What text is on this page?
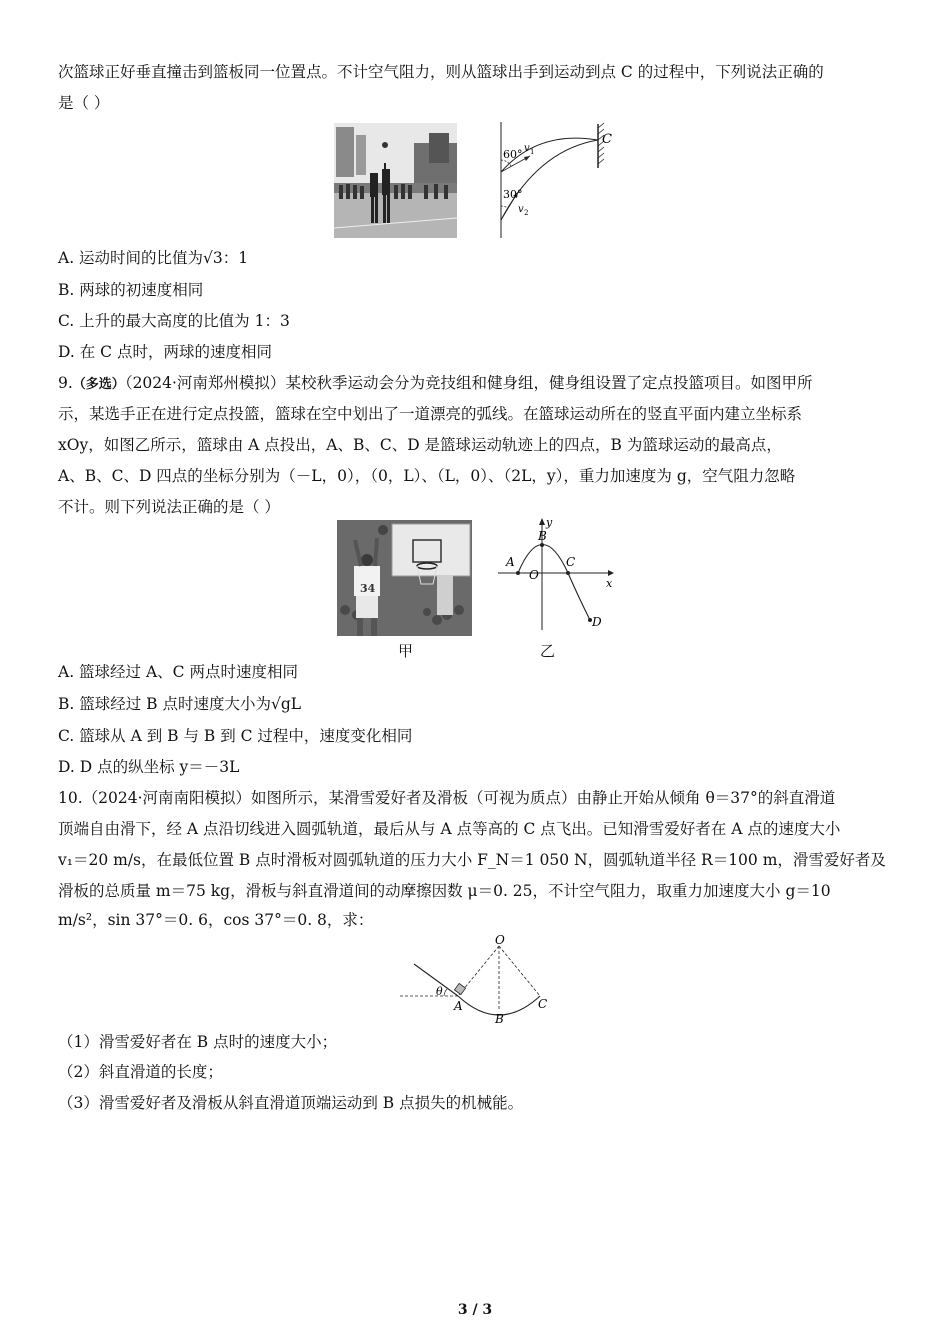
次篮球正好垂直撞击到篮板同一位置点。不计空气阻力，则从篮球出手到运动到点 C 的过程中，下列说法正确的
是（ ）
C
60° v 1
30°
v 2
A. 运动时间的比值为√3：1
B. 两球的初速度相同
C. 上升的最大高度的比值为 1：3
D. 在 C 点时，两球的速度相同
9.（多选）（2024·河南郑州模拟）某校秋季运动会分为竞技组和健身组，健身组设置了定点投篮项目。如图甲所
示，某选手正在进行定点投篮，篮球在空中划出了一道漂亮的弧线。在篮球运动所在的竖直平面内建立坐标系
xOy，如图乙所示，篮球由 A 点投出，A、B、C、D 是篮球运动轨迹上的四点，B 为篮球运动的最高点，
A、B、C、D 四点的坐标分别为（－L，0），（0，L）、（L，0）、（2L，y），重力加速度为 g，空气阻力忽略
不计。则下列说法正确的是（ ）
34
y
x
A
B
C
O
D
甲	乙
A. 篮球经过 A、C 两点时速度相同
B. 篮球经过 B 点时速度大小为√gL
C. 篮球从 A 到 B 与 B 到 C 过程中，速度变化相同
D. D 点的纵坐标 y＝－3L
10.（2024·河南南阳模拟）如图所示，某滑雪爱好者及滑板（可视为质点）由静止开始从倾角 θ＝37°的斜直滑道
顶端自由滑下，经 A 点沿切线进入圆弧轨道，最后从与 A 点等高的 C 点飞出。已知滑雪爱好者在 A 点的速度大小
v₁＝20 m/s，在最低位置 B 点时滑板对圆弧轨道的压力大小 F_N＝1 050 N，圆弧轨道半径 R＝100 m，滑雪爱好者及
滑板的总质量 m＝75 kg，滑板与斜直滑道间的动摩擦因数 μ＝0. 25，不计空气阻力，取重力加速度大小 g＝10
m/s²，sin 37°＝0. 6，cos 37°＝0. 8，求：
O
A
B
C
θ
（1）滑雪爱好者在 B 点时的速度大小；
（2）斜直滑道的长度；
（3）滑雪爱好者及滑板从斜直滑道顶端运动到 B 点损失的机械能。
3 / 3
